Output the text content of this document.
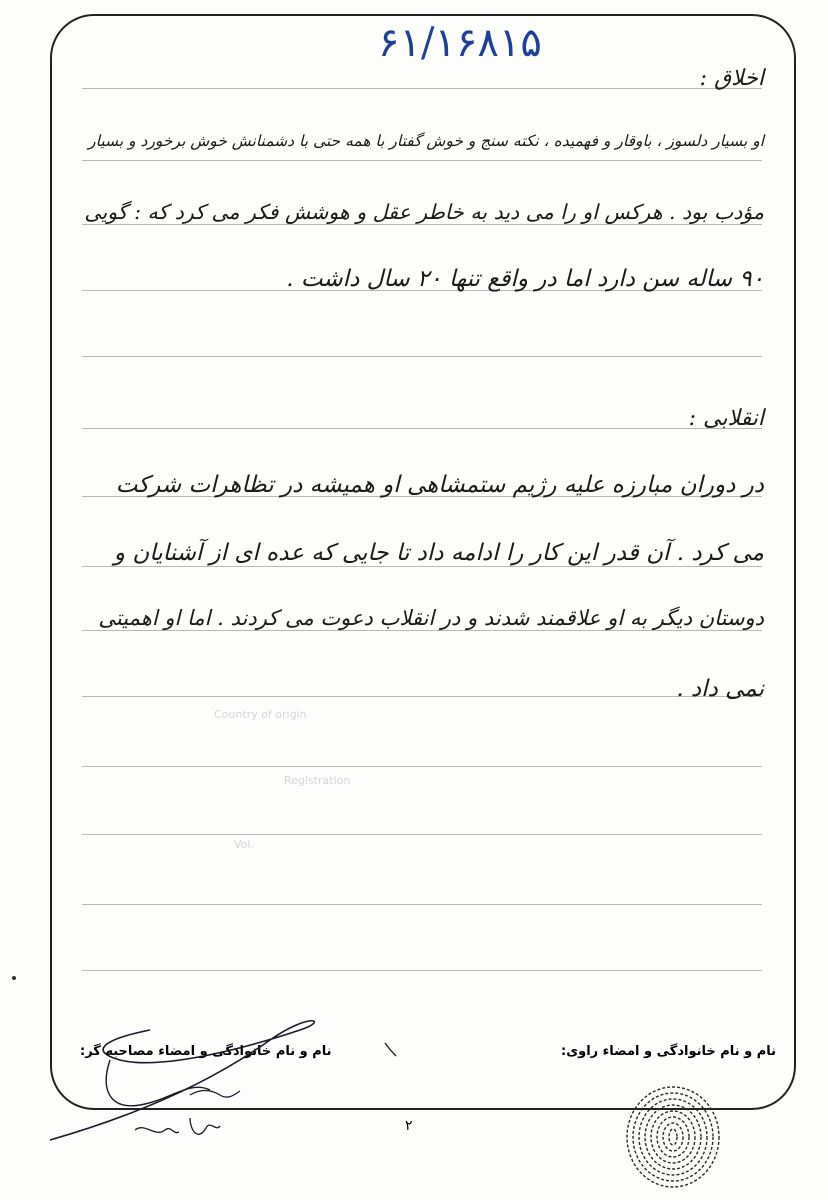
۶۱/۱۶۸۱۵
اخلاق :
او بسیار دلسوز ، باوقار و فهمیده ، نکته سنج و خوش گفتار با همه حتی با دشمنانش خوش برخورد و بسیار
مؤدب بود . هرکس او را می دید به خاطر عقل و هوشش فکر می کرد که : گویی
۹۰ ساله سن دارد اما در واقع تنها ۲۰ سال داشت .
انقلابی :
در دوران مبارزه علیه رژیم ستمشاهی او همیشه در تظاهرات شرکت
می کرد . آن قدر این کار را ادامه داد تا جایی که عده ای از آشنایان و
دوستان دیگر به او علاقمند شدند و در انقلاب دعوت می کردند . اما او اهمیتی
نمی داد .
Country of origin
Registration
Vol.
نام و نام خانوادگی و امضاء مصاحبه گر:	نام و نام خانوادگی و امضاء راوی:
۲
